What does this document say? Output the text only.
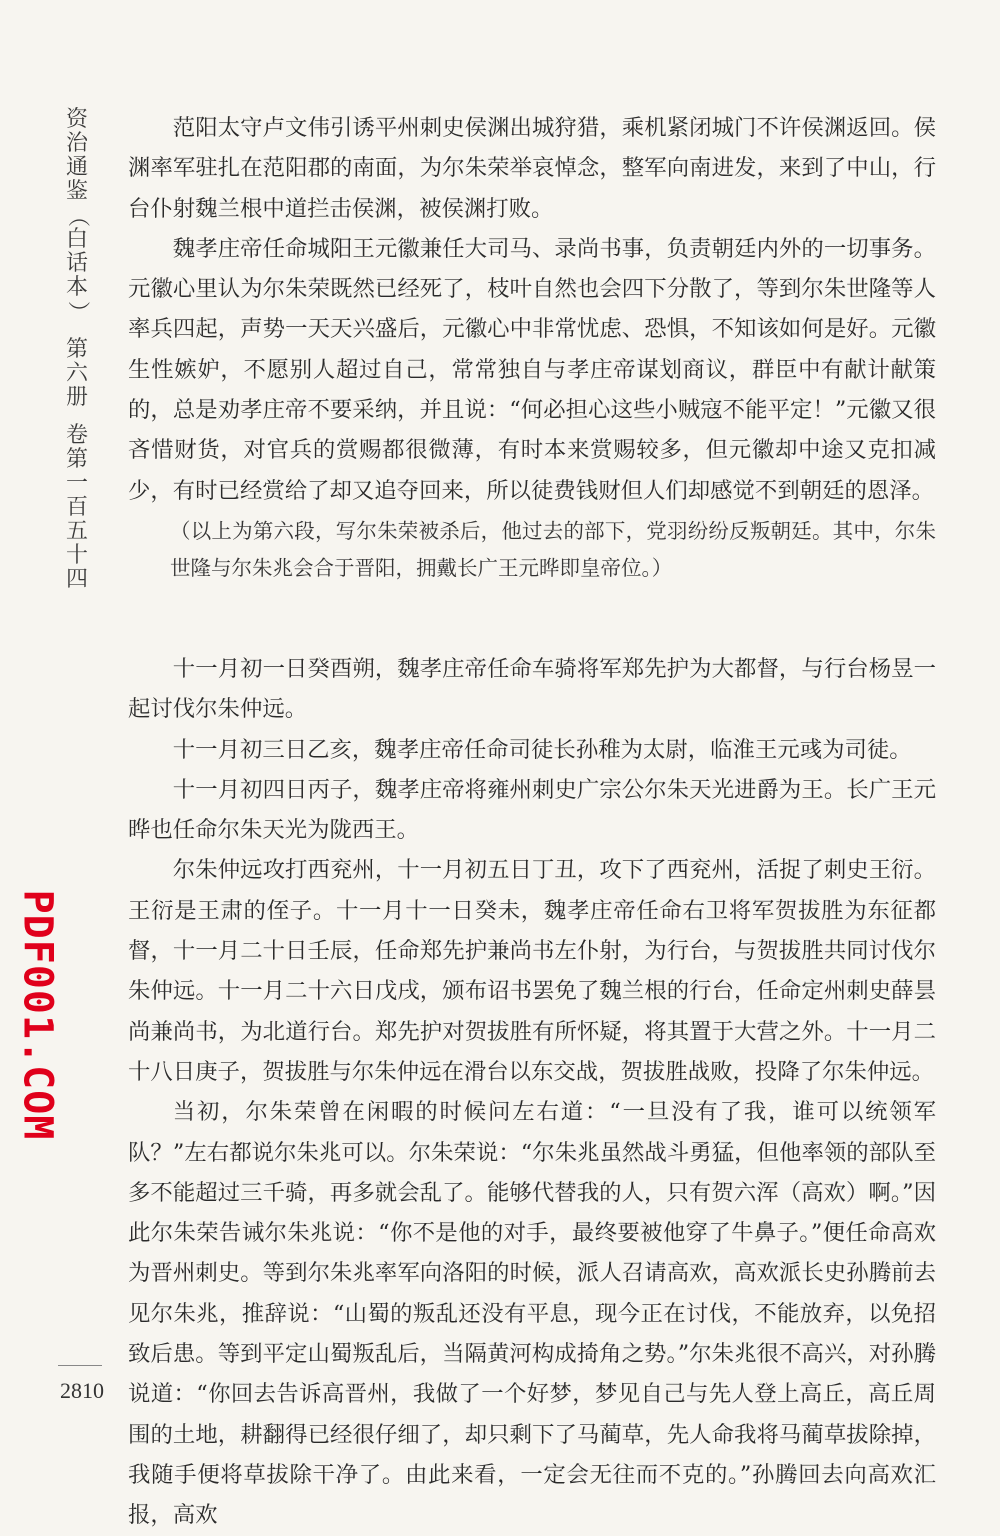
资
治
通
鉴
（
白
话
本
）
第
六
册
卷
第
一
百
五
十
四
PDF001.COM

范阳太守卢文伟引诱平州刺史侯渊出城狩猎，乘机紧闭城门不许侯渊返回。侯渊率军驻扎在范阳郡的南面，为尔朱荣举哀悼念，整军向南进发，来到了中山，行台仆射魏兰根中道拦击侯渊，被侯渊打败。

魏孝庄帝任命城阳王元徽兼任大司马、录尚书事，负责朝廷内外的一切事务。元徽心里认为尔朱荣既然已经死了，枝叶自然也会四下分散了，等到尔朱世隆等人率兵四起，声势一天天兴盛后，元徽心中非常忧虑、恐惧，不知该如何是好。元徽生性嫉妒，不愿别人超过自己，常常独自与孝庄帝谋划商议，群臣中有献计献策的，总是劝孝庄帝不要采纳，并且说：“何必担心这些小贼寇不能平定！”元徽又很吝惜财货，对官兵的赏赐都很微薄，有时本来赏赐较多，但元徽却中途又克扣减少，有时已经赏给了却又追夺回来，所以徒费钱财但人们却感觉不到朝廷的恩泽。

（以上为第六段，写尔朱荣被杀后，他过去的部下，党羽纷纷反叛朝廷。其中，尔朱世隆与尔朱兆会合于晋阳，拥戴长广王元晔即皇帝位。）

十一月初一日癸酉朔，魏孝庄帝任命车骑将军郑先护为大都督，与行台杨昱一起讨伐尔朱仲远。

十一月初三日乙亥，魏孝庄帝任命司徒长孙稚为太尉，临淮王元彧为司徒。

十一月初四日丙子，魏孝庄帝将雍州刺史广宗公尔朱天光进爵为王。长广王元晔也任命尔朱天光为陇西王。

尔朱仲远攻打西兖州，十一月初五日丁丑，攻下了西兖州，活捉了刺史王衍。王衍是王肃的侄子。十一月十一日癸未，魏孝庄帝任命右卫将军贺拔胜为东征都督，十一月二十日壬辰，任命郑先护兼尚书左仆射，为行台，与贺拔胜共同讨伐尔朱仲远。十一月二十六日戊戌，颁布诏书罢免了魏兰根的行台，任命定州刺史薛昙尚兼尚书，为北道行台。郑先护对贺拔胜有所怀疑，将其置于大营之外。十一月二十八日庚子，贺拔胜与尔朱仲远在滑台以东交战，贺拔胜战败，投降了尔朱仲远。

当初，尔朱荣曾在闲暇的时候问左右道：“一旦没有了我，谁可以统领军队？”左右都说尔朱兆可以。尔朱荣说：“尔朱兆虽然战斗勇猛，但他率领的部队至多不能超过三千骑，再多就会乱了。能够代替我的人，只有贺六浑（高欢）啊。”因此尔朱荣告诫尔朱兆说：“你不是他的对手，最终要被他穿了牛鼻子。”便任命高欢为晋州刺史。等到尔朱兆率军向洛阳的时候，派人召请高欢，高欢派长史孙腾前去见尔朱兆，推辞说：“山蜀的叛乱还没有平息，现今正在讨伐，不能放弃，以免招致后患。等到平定山蜀叛乱后，当隔黄河构成掎角之势。”尔朱兆很不高兴，对孙腾说道：“你回去告诉高晋州，我做了一个好梦，梦见自己与先人登上高丘，高丘周围的土地，耕翻得已经很仔细了，却只剩下了马蔺草，先人命我将马蔺草拔除掉，我随手便将草拔除干净了。由此来看，一定会无往而不克的。”孙腾回去向高欢汇报，高欢

2810
